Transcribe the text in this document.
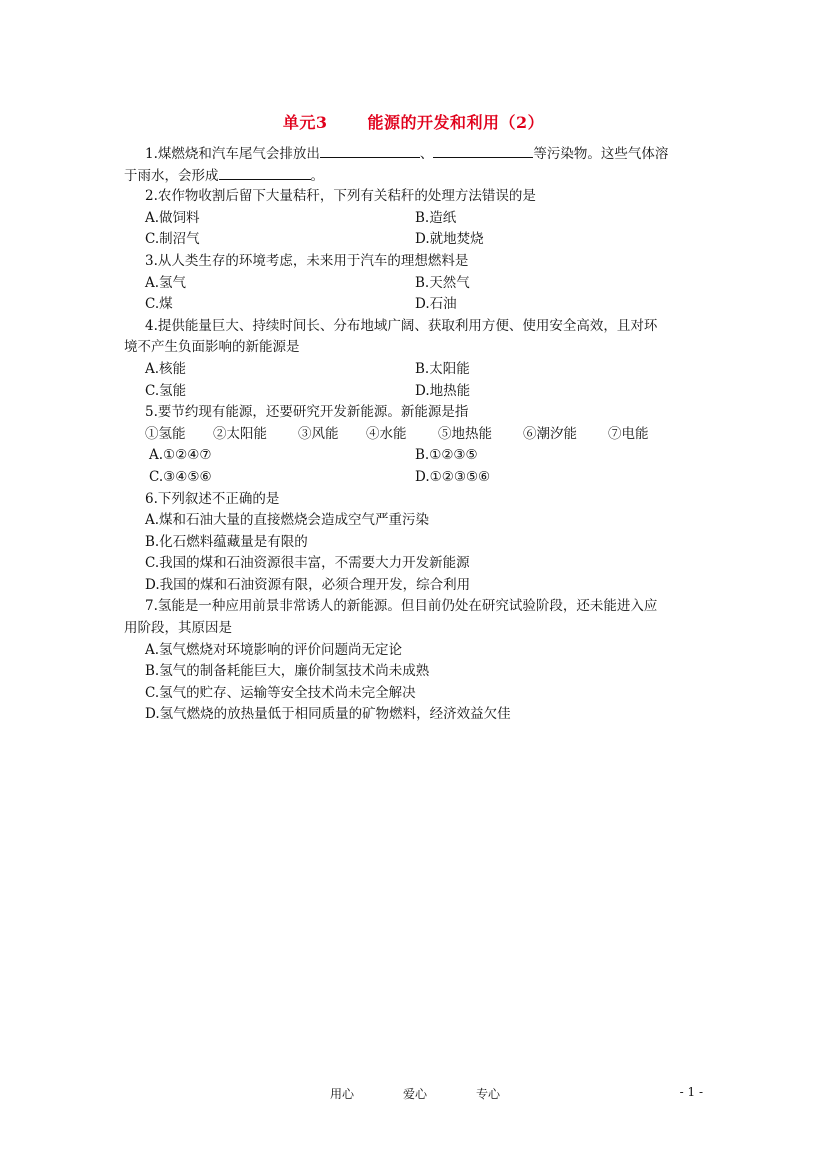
单元3	能源的开发和利用（2）
1.煤燃烧和汽车尾气会排放出	、	等污染物。这些气体溶
于雨水，会形成	。
2.农作物收割后留下大量秸秆，下列有关秸秆的处理方法错误的是
A.做饲料	B.造纸
C.制沼气	D.就地焚烧
3.从人类生存的环境考虑，未来用于汽车的理想燃料是
A.氢气	B.天然气
C.煤	D.石油
4.提供能量巨大、持续时间长、分布地域广阔、获取利用方便、使用安全高效，且对环
境不产生负面影响的新能源是
A.核能	B.太阳能
C.氢能	D.地热能
5.要节约现有能源，还要研究开发新能源。新能源是指
①氢能	②太阳能	③风能	④水能	⑤地热能	⑥潮汐能	⑦电能
A.①②④⑦	B.①②③⑤
C.③④⑤⑥	D.①②③⑤⑥
6.下列叙述不正确的是
A.煤和石油大量的直接燃烧会造成空气严重污染
B.化石燃料蕴藏量是有限的
C.我国的煤和石油资源很丰富，不需要大力开发新能源
D.我国的煤和石油资源有限，必须合理开发，综合利用
7.氢能是一种应用前景非常诱人的新能源。但目前仍处在研究试验阶段，还未能进入应
用阶段，其原因是
A.氢气燃烧对环境影响的评价问题尚无定论
B.氢气的制备耗能巨大，廉价制氢技术尚未成熟
C.氢气的贮存、运输等安全技术尚未完全解决
D.氢气燃烧的放热量低于相同质量的矿物燃料，经济效益欠佳
用心	爱心	专心	- 1 -
